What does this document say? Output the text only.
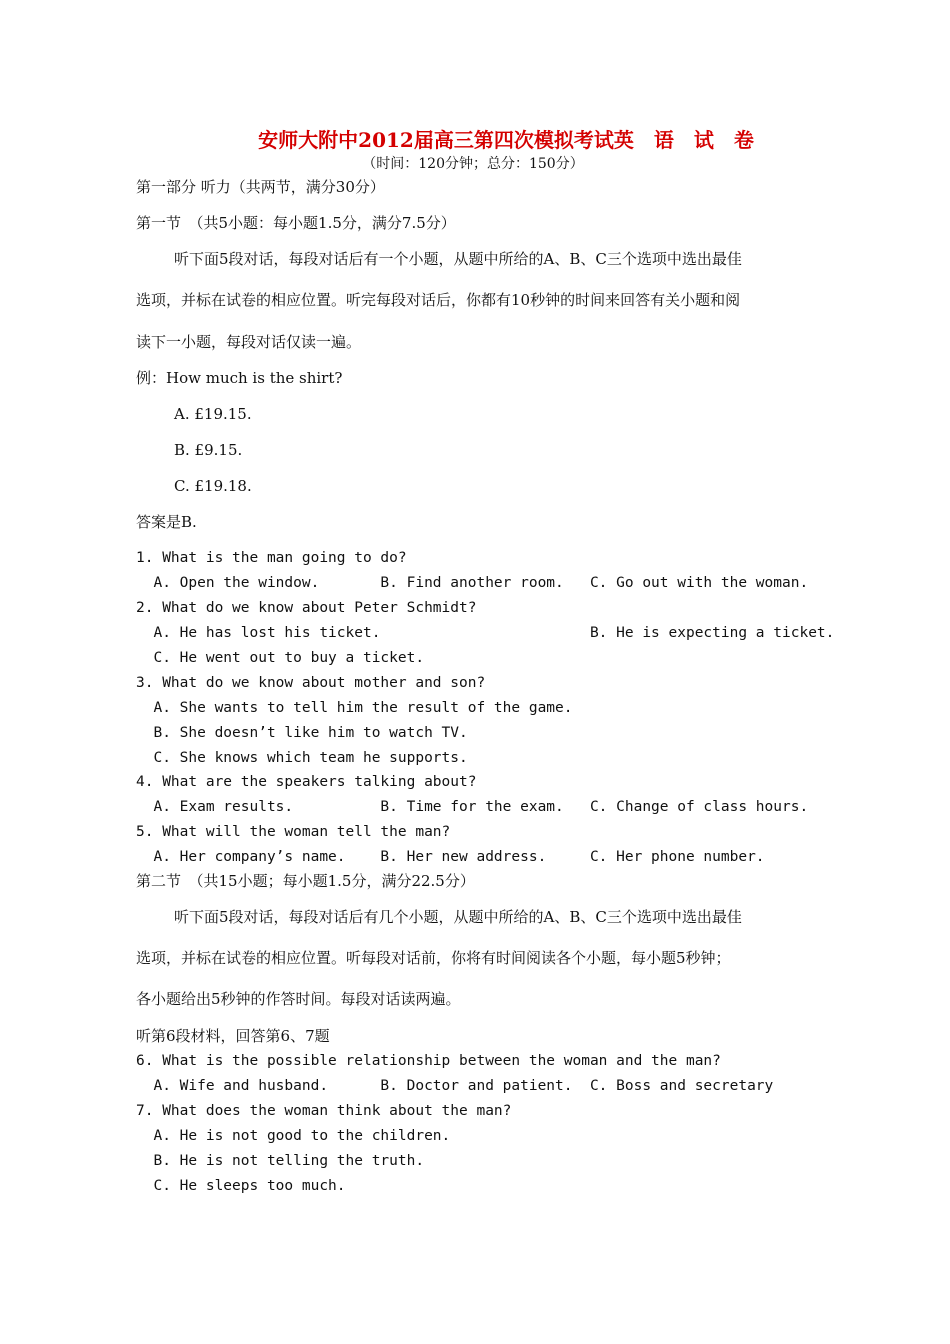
安师大附中2012届高三第四次模拟考试英　语　试　卷
（时间：120分钟；总分：150分）
第一部分 听力（共两节，满分30分）
第一节　（共5小题：每小题1.5分，满分7.5分）
听下面5段对话，每段对话后有一个小题，从题中所给的A、B、C三个选项中选出最佳
选项，并标在试卷的相应位置。听完每段对话后，你都有10秒钟的时间来回答有关小题和阅
读下一小题，每段对话仅读一遍。
例：How much is the shirt?
A. £19.15.
B. £9.15.
C. £19.18.
答案是B.
1. What is the man going to do?
A. Open the window.       B. Find another room.   C. Go out with the woman.
2. What do we know about Peter Schmidt?
A. He has lost his ticket.                        B. He is expecting a ticket.
C. He went out to buy a ticket.
3. What do we know about mother and son?
A. She wants to tell him the result of the game.
B. She doesn’t like him to watch TV.
C. She knows which team he supports.
4. What are the speakers talking about?
A. Exam results.          B. Time for the exam.   C. Change of class hours.
5. What will the woman tell the man?
A. Her company’s name.    B. Her new address.     C. Her phone number.
第二节　（共15小题；每小题1.5分，满分22.5分）
听下面5段对话，每段对话后有几个小题，从题中所给的A、B、C三个选项中选出最佳
选项，并标在试卷的相应位置。听每段对话前，你将有时间阅读各个小题，每小题5秒钟；
各小题给出5秒钟的作答时间。每段对话读两遍。
听第6段材料，回答第6、7题
6. What is the possible relationship between the woman and the man?
A. Wife and husband.      B. Doctor and patient.  C. Boss and secretary
7. What does the woman think about the man?
A. He is not good to the children.
B. He is not telling the truth.
C. He sleeps too much.
